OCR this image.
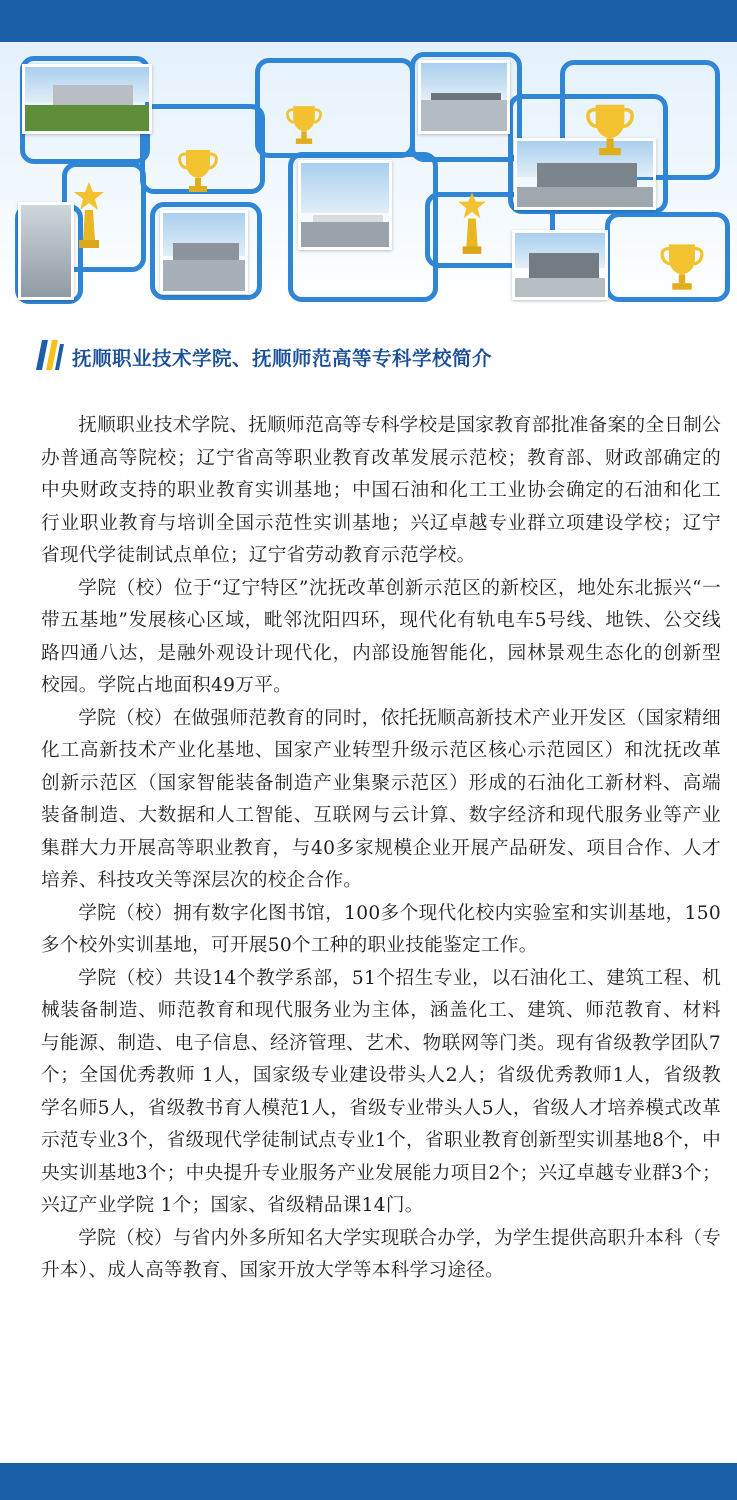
抚顺职业技术学院、抚顺师范高等专科学校简介

抚顺职业技术学院、抚顺师范高等专科学校是国家教育部批准备案的全日制公办普通高等院校；辽宁省高等职业教育改革发展示范校；教育部、财政部确定的中央财政支持的职业教育实训基地；中国石油和化工工业协会确定的石油和化工行业职业教育与培训全国示范性实训基地；兴辽卓越专业群立项建设学校；辽宁省现代学徒制试点单位；辽宁省劳动教育示范学校。

学院（校）位于“辽宁特区”沈抚改革创新示范区的新校区，地处东北振兴“一带五基地”发展核心区域，毗邻沈阳四环，现代化有轨电车5号线、地铁、公交线路四通八达，是融外观设计现代化，内部设施智能化，园林景观生态化的创新型校园。学院占地面积49万平。

学院（校）在做强师范教育的同时，依托抚顺高新技术产业开发区（国家精细化工高新技术产业化基地、国家产业转型升级示范区核心示范园区）和沈抚改革创新示范区（国家智能装备制造产业集聚示范区）形成的石油化工新材料、高端装备制造、大数据和人工智能、互联网与云计算、数字经济和现代服务业等产业集群大力开展高等职业教育，与40多家规模企业开展产品研发、项目合作、人才培养、科技攻关等深层次的校企合作。

学院（校）拥有数字化图书馆，100多个现代化校内实验室和实训基地，150多个校外实训基地，可开展50个工种的职业技能鉴定工作。

学院（校）共设14个教学系部，51个招生专业，以石油化工、建筑工程、机械装备制造、师范教育和现代服务业为主体，涵盖化工、建筑、师范教育、材料与能源、制造、电子信息、经济管理、艺术、物联网等门类。现有省级教学团队7个；全国优秀教师 1人，国家级专业建设带头人2人；省级优秀教师1人，省级教学名师5人，省级教书育人模范1人，省级专业带头人5人，省级人才培养模式改革示范专业3个，省级现代学徒制试点专业1个，省职业教育创新型实训基地8个，中央实训基地3个；中央提升专业服务产业发展能力项目2个；兴辽卓越专业群3个；兴辽产业学院 1个；国家、省级精品课14门。

学院（校）与省内外多所知名大学实现联合办学，为学生提供高职升本科（专升本）、成人高等教育、国家开放大学等本科学习途径。
